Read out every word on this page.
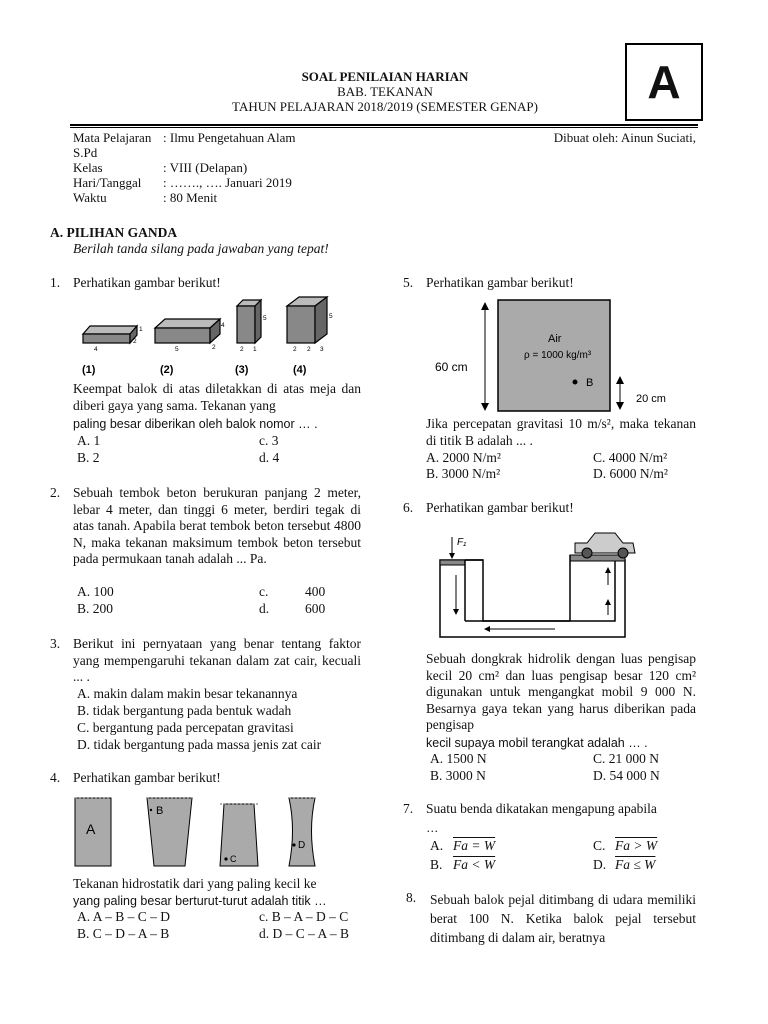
SOAL PENILAIAN HARIAN
BAB. TEKANAN
TAHUN PELAJARAN 2018/2019 (SEMESTER GENAP)	A
Mata Pelajaran : Ilmu Pengetahuan Alam
S.Pd
Kelas	: VIII (Delapan)
Hari/Tanggal : ……., …. Januari 2019
Waktu	: 80 Menit
Dibuat oleh: Ainun Suciati,
A. PILIHAN GANDA
Berilah tanda silang pada jawaban yang tepat!
1. Perhatikan gambar berikut!
4
1
2
5	2
4
2 1
5
2 2
5
3
(1)	(2)	(3)	(4)
Keempat balok di atas diletakkan di atas meja dan diberi gaya yang sama. Tekanan yang
paling besar diberikan oleh balok nomor … .
A. 1	c. 3
B. 2	d. 4
2. Sebuah tembok beton berukuran panjang 2 meter, lebar 4 meter, dan tinggi 6 meter, berdiri tegak di atas tanah. Apabila berat tembok beton tersebut 4800 N, maka tekanan maksimum tembok beton tersebut pada permukaan tanah adalah ... Pa.
A. 100	c.	400
B. 200	d.	600
3. Berikut ini pernyataan yang benar tentang faktor yang mempengaruhi tekanan dalam zat cair, kecuali ... .
A. makin dalam makin besar tekanannya
B. tidak bergantung pada bentuk wadah
C. bergantung pada percepatan gravitasi
D. tidak bergantung pada massa jenis zat cair
4. Perhatikan gambar berikut!
A
B
C
D
Tekanan hidrostatik dari yang paling kecil ke
yang paling besar berturut-turut adalah titik …
A. A – B – C – D	c. B – A – D – C
B. C – D – A – B	d. D – C – A – B
5. Perhatikan gambar berikut!
60 cm
Air
ρ = 1000 kg/m³
B
20 cm
Jika percepatan gravitasi 10 m/s², maka tekanan di titik B adalah ... .
A. 2000 N/m²	C. 4000 N/m²
B. 3000 N/m²	D. 6000 N/m²
6. Perhatikan gambar berikut!
F₁
Sebuah dongkrak hidrolik dengan luas pengisap kecil 20 cm² dan luas pengisap besar 120 cm² digunakan untuk mengangkat mobil 9 000 N. Besarnya gaya tekan yang harus diberikan pada pengisap
kecil supaya mobil terangkat adalah … .
A. 1500 N	C. 21 000 N
B. 3000 N	D. 54 000 N
7. Suatu benda dikatakan mengapung apabila
…
A. Fa = W	C. Fa > W
B. Fa < W	D. Fa ≤ W
8. Sebuah balok pejal ditimbang di udara memiliki berat 100 N. Ketika balok pejal tersebut ditimbang di dalam air, beratnya
